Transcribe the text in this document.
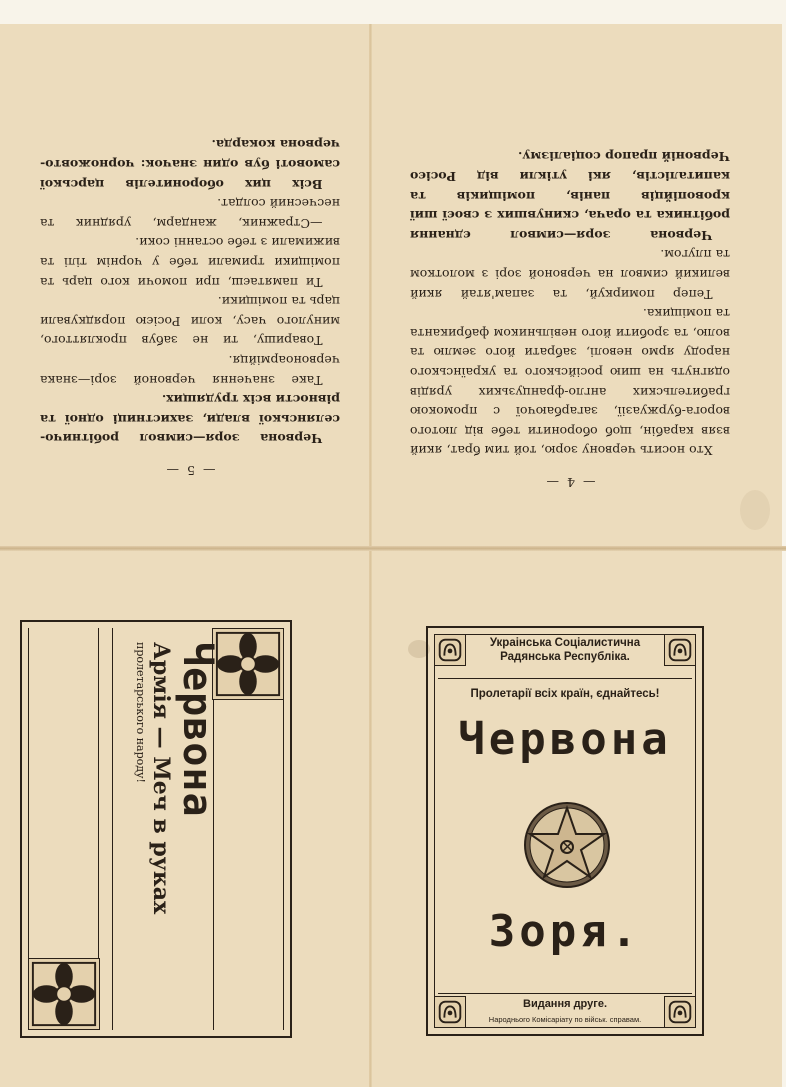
— 4 —

Хто носить червону зорю, той тим брат, який взяв карабін, щоб оборонити тебе від лютого ворога-буржуазії, загарбаючої с промокою грабительских англо-французьких урядів одягнуть на шию російського та українського народу ярмо неволі, забрати його землю та волю, та зробити його невільником фабриканта та поміщика.

Тепер помиркуй, та запам'ятай який великий символ на червоной зорі з молотком та плугом.

Червона зоря—символ єднання робітника та орача, скинувших з своєї шиї кровопійців панів, поміщиків та капиталістів, які утікли від Росієо Червоній прапор соціалізму.

— 5 —

Червона зоря—символ робітничо-селянської влади, захистниці одної та рівности всіх трудящих.

Таке значення червоной зорі—знака червоноармійця.

Товаришу, ти не забув прокляттого, минулого часу, коли Росією порядкували царь та поміщики.

Ти памятаєш, при помочи кого царь та поміщики тримали тебе у чорнім тілі та вижимали з тебе останні соки.

—Стражник, жандарм, урядник та несчесний солдат.

Всіх цих оборонителів царської самовоті був один значок: чорножовто-червона кокарда.

Украінська Соціалистична Радянська Республіка.
Пролетарії всіх країн, єднайтесь!
Червона
Зоря.
Видання друге.
Народнього Комісаріату по військ. справам.
Червона
Армія — Меч в руках
пролетарського народу!
